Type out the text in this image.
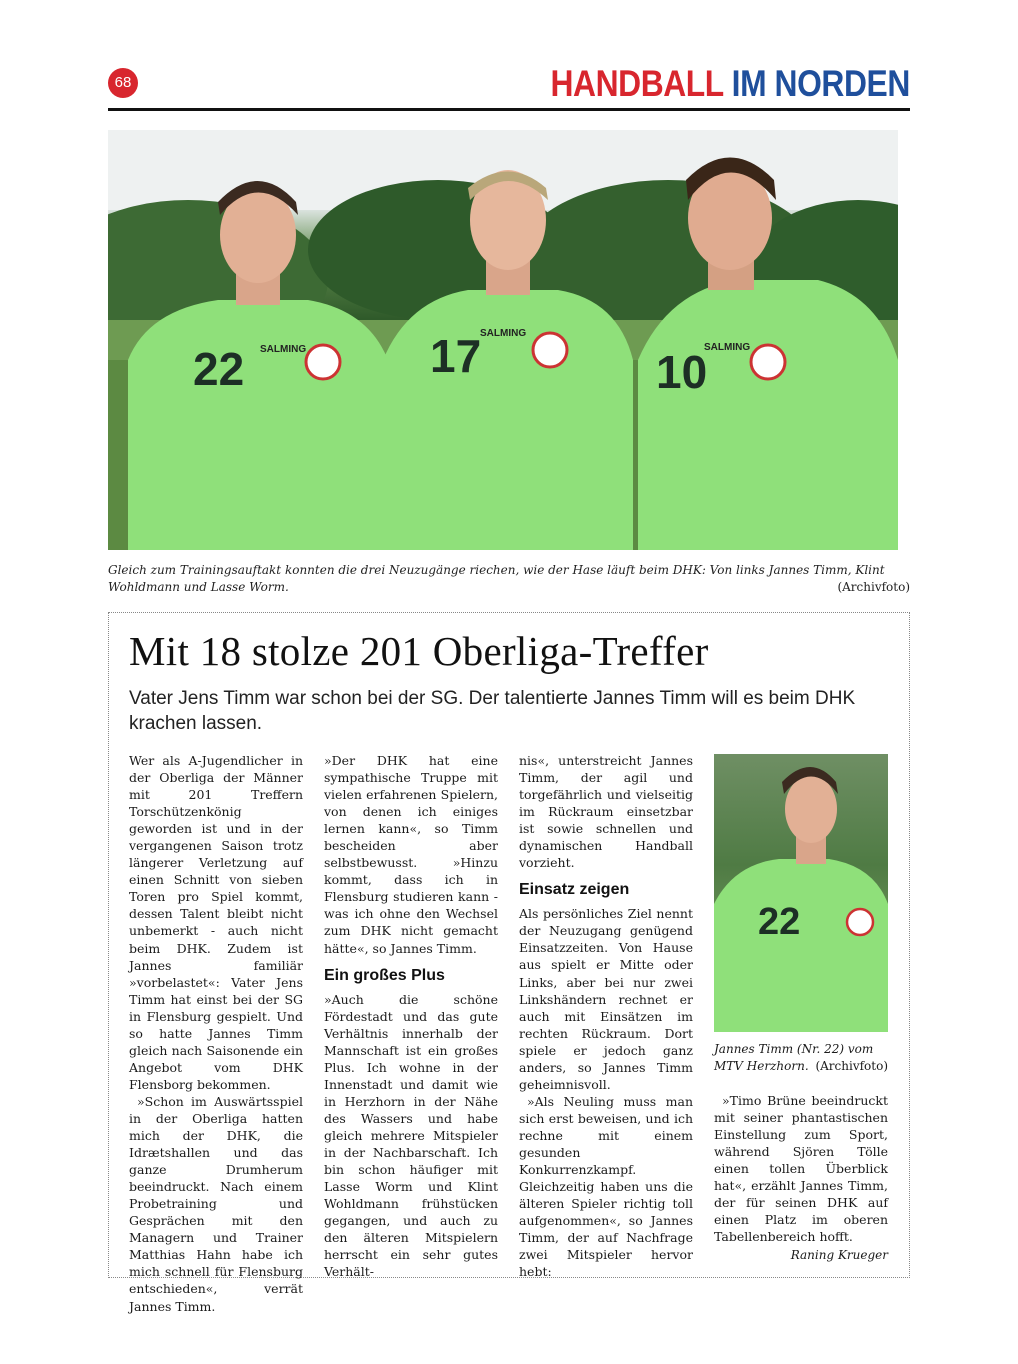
68	HANDBALL IM NORDEN
22 SALMING	17
SALMING
10
SALMING
Gleich zum Trainingsauftakt konnten die drei Neuzugänge riechen, wie der Hase läuft beim DHK: Von links Jannes Timm, Klint Wohldmann und Lasse Worm.	(Archivfoto)
Mit 18 stolze 201 Oberliga-Treffer
Vater Jens Timm war schon bei der SG. Der talentierte Jannes Timm will es beim DHK krachen lassen.

Wer als A-Jugendlicher in der Oberliga der Männer mit 201 Treffern Torschützenkönig geworden ist und in der vergangenen Saison trotz längerer Verletzung auf einen Schnitt von sieben Toren pro Spiel kommt, dessen Talent bleibt nicht unbemerkt - auch nicht beim DHK. Zudem ist Jannes familiär »vorbelastet«: Vater Jens Timm hat einst bei der SG in Flensburg gespielt. Und so hatte Jannes Timm gleich nach Saisonende ein Angebot vom DHK Flensborg bekommen.

»Schon im Auswärtsspiel in der Oberliga hatten mich der DHK, die Idrætshallen und das ganze Drumherum beeindruckt. Nach einem Probetraining und Gesprächen mit den Managern und Trainer Matthias Hahn habe ich mich schnell für Flensburg entschieden«, verrät Jannes Timm.

»Der DHK hat eine sympathische Truppe mit vielen erfahrenen Spielern, von denen ich einiges lernen kann«, so Timm bescheiden aber selbstbewusst. »Hinzu kommt, dass ich in Flensburg studieren kann - was ich ohne den Wechsel zum DHK nicht gemacht hätte«, so Jannes Timm.

Ein großes Plus

»Auch die schöne Fördestadt und das gute Verhältnis innerhalb der Mannschaft ist ein großes Plus. Ich wohne in der Innenstadt und damit wie in Herzhorn in der Nähe des Wassers und habe gleich mehrere Mitspieler in der Nachbarschaft. Ich bin schon häufiger mit Lasse Worm und Klint Wohldmann frühstücken gegangen, und auch zu den älteren Mitspielern herrscht ein sehr gutes Verhält-

nis«, unterstreicht Jannes Timm, der agil und torgefährlich und vielseitig im Rückraum einsetzbar ist sowie schnellen und dynamischen Handball vorzieht.

Einsatz zeigen

Als persönliches Ziel nennt der Neuzugang genügend Einsatzzeiten. Von Hause aus spielt er Mitte oder Links, aber bei nur zwei Linkshändern rechnet er auch mit Einsätzen im rechten Rückraum. Dort spiele er jedoch ganz anders, so Jannes Timm geheimnisvoll.

»Als Neuling muss man sich erst beweisen, und ich rechne mit einem gesunden Konkurrenzkampf. Gleichzeitig haben uns die älteren Spieler richtig toll aufgenommen«, so Jannes Timm, der auf Nachfrage zwei Mitspieler hervor hebt:

22
Jannes Timm (Nr. 22) vom MTV Herzhorn. (Archivfoto)

»Timo Brüne beeindruckt mit seiner phantastischen Einstellung zum Sport, während Sjören Tölle einen tollen Überblick hat«, erzählt Jannes Timm, der für seinen DHK auf einen Platz im oberen Tabellenbereich hofft.

Raning Krueger
